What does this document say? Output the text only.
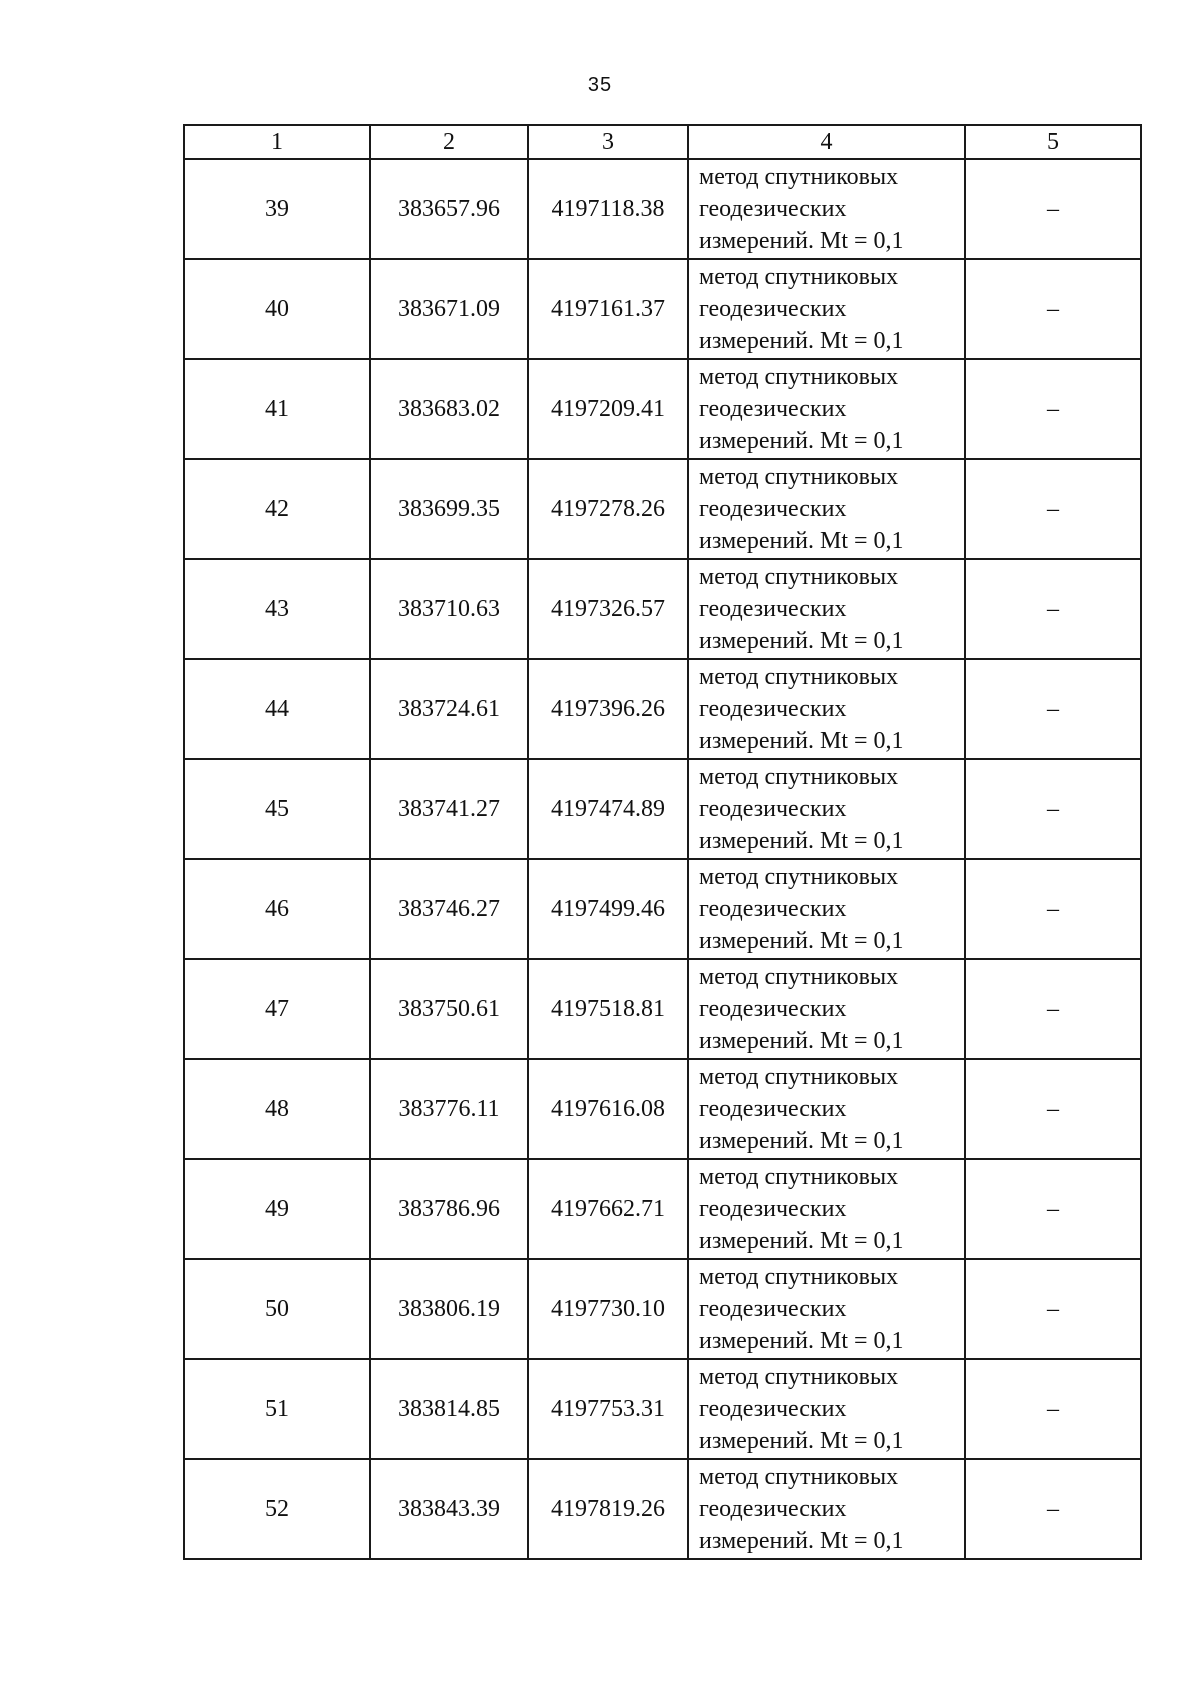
35
1	2	3	4	5
39	383657.96	4197118.38	метод спутниковых
геодезических
измерений. Mt = 0,1	–
40	383671.09	4197161.37	метод спутниковых
геодезических
измерений. Mt = 0,1	–
41	383683.02	4197209.41	метод спутниковых
геодезических
измерений. Mt = 0,1	–
42	383699.35	4197278.26	метод спутниковых
геодезических
измерений. Mt = 0,1	–
43	383710.63	4197326.57	метод спутниковых
геодезических
измерений. Mt = 0,1	–
44	383724.61	4197396.26	метод спутниковых
геодезических
измерений. Mt = 0,1	–
45	383741.27	4197474.89	метод спутниковых
геодезических
измерений. Mt = 0,1	–
46	383746.27	4197499.46	метод спутниковых
геодезических
измерений. Mt = 0,1	–
47	383750.61	4197518.81	метод спутниковых
геодезических
измерений. Mt = 0,1	–
48	383776.11	4197616.08	метод спутниковых
геодезических
измерений. Mt = 0,1	–
49	383786.96	4197662.71	метод спутниковых
геодезических
измерений. Mt = 0,1	–
50	383806.19	4197730.10	метод спутниковых
геодезических
измерений. Mt = 0,1	–
51	383814.85	4197753.31	метод спутниковых
геодезических
измерений. Mt = 0,1	–
52	383843.39	4197819.26	метод спутниковых
геодезических
измерений. Mt = 0,1	–
